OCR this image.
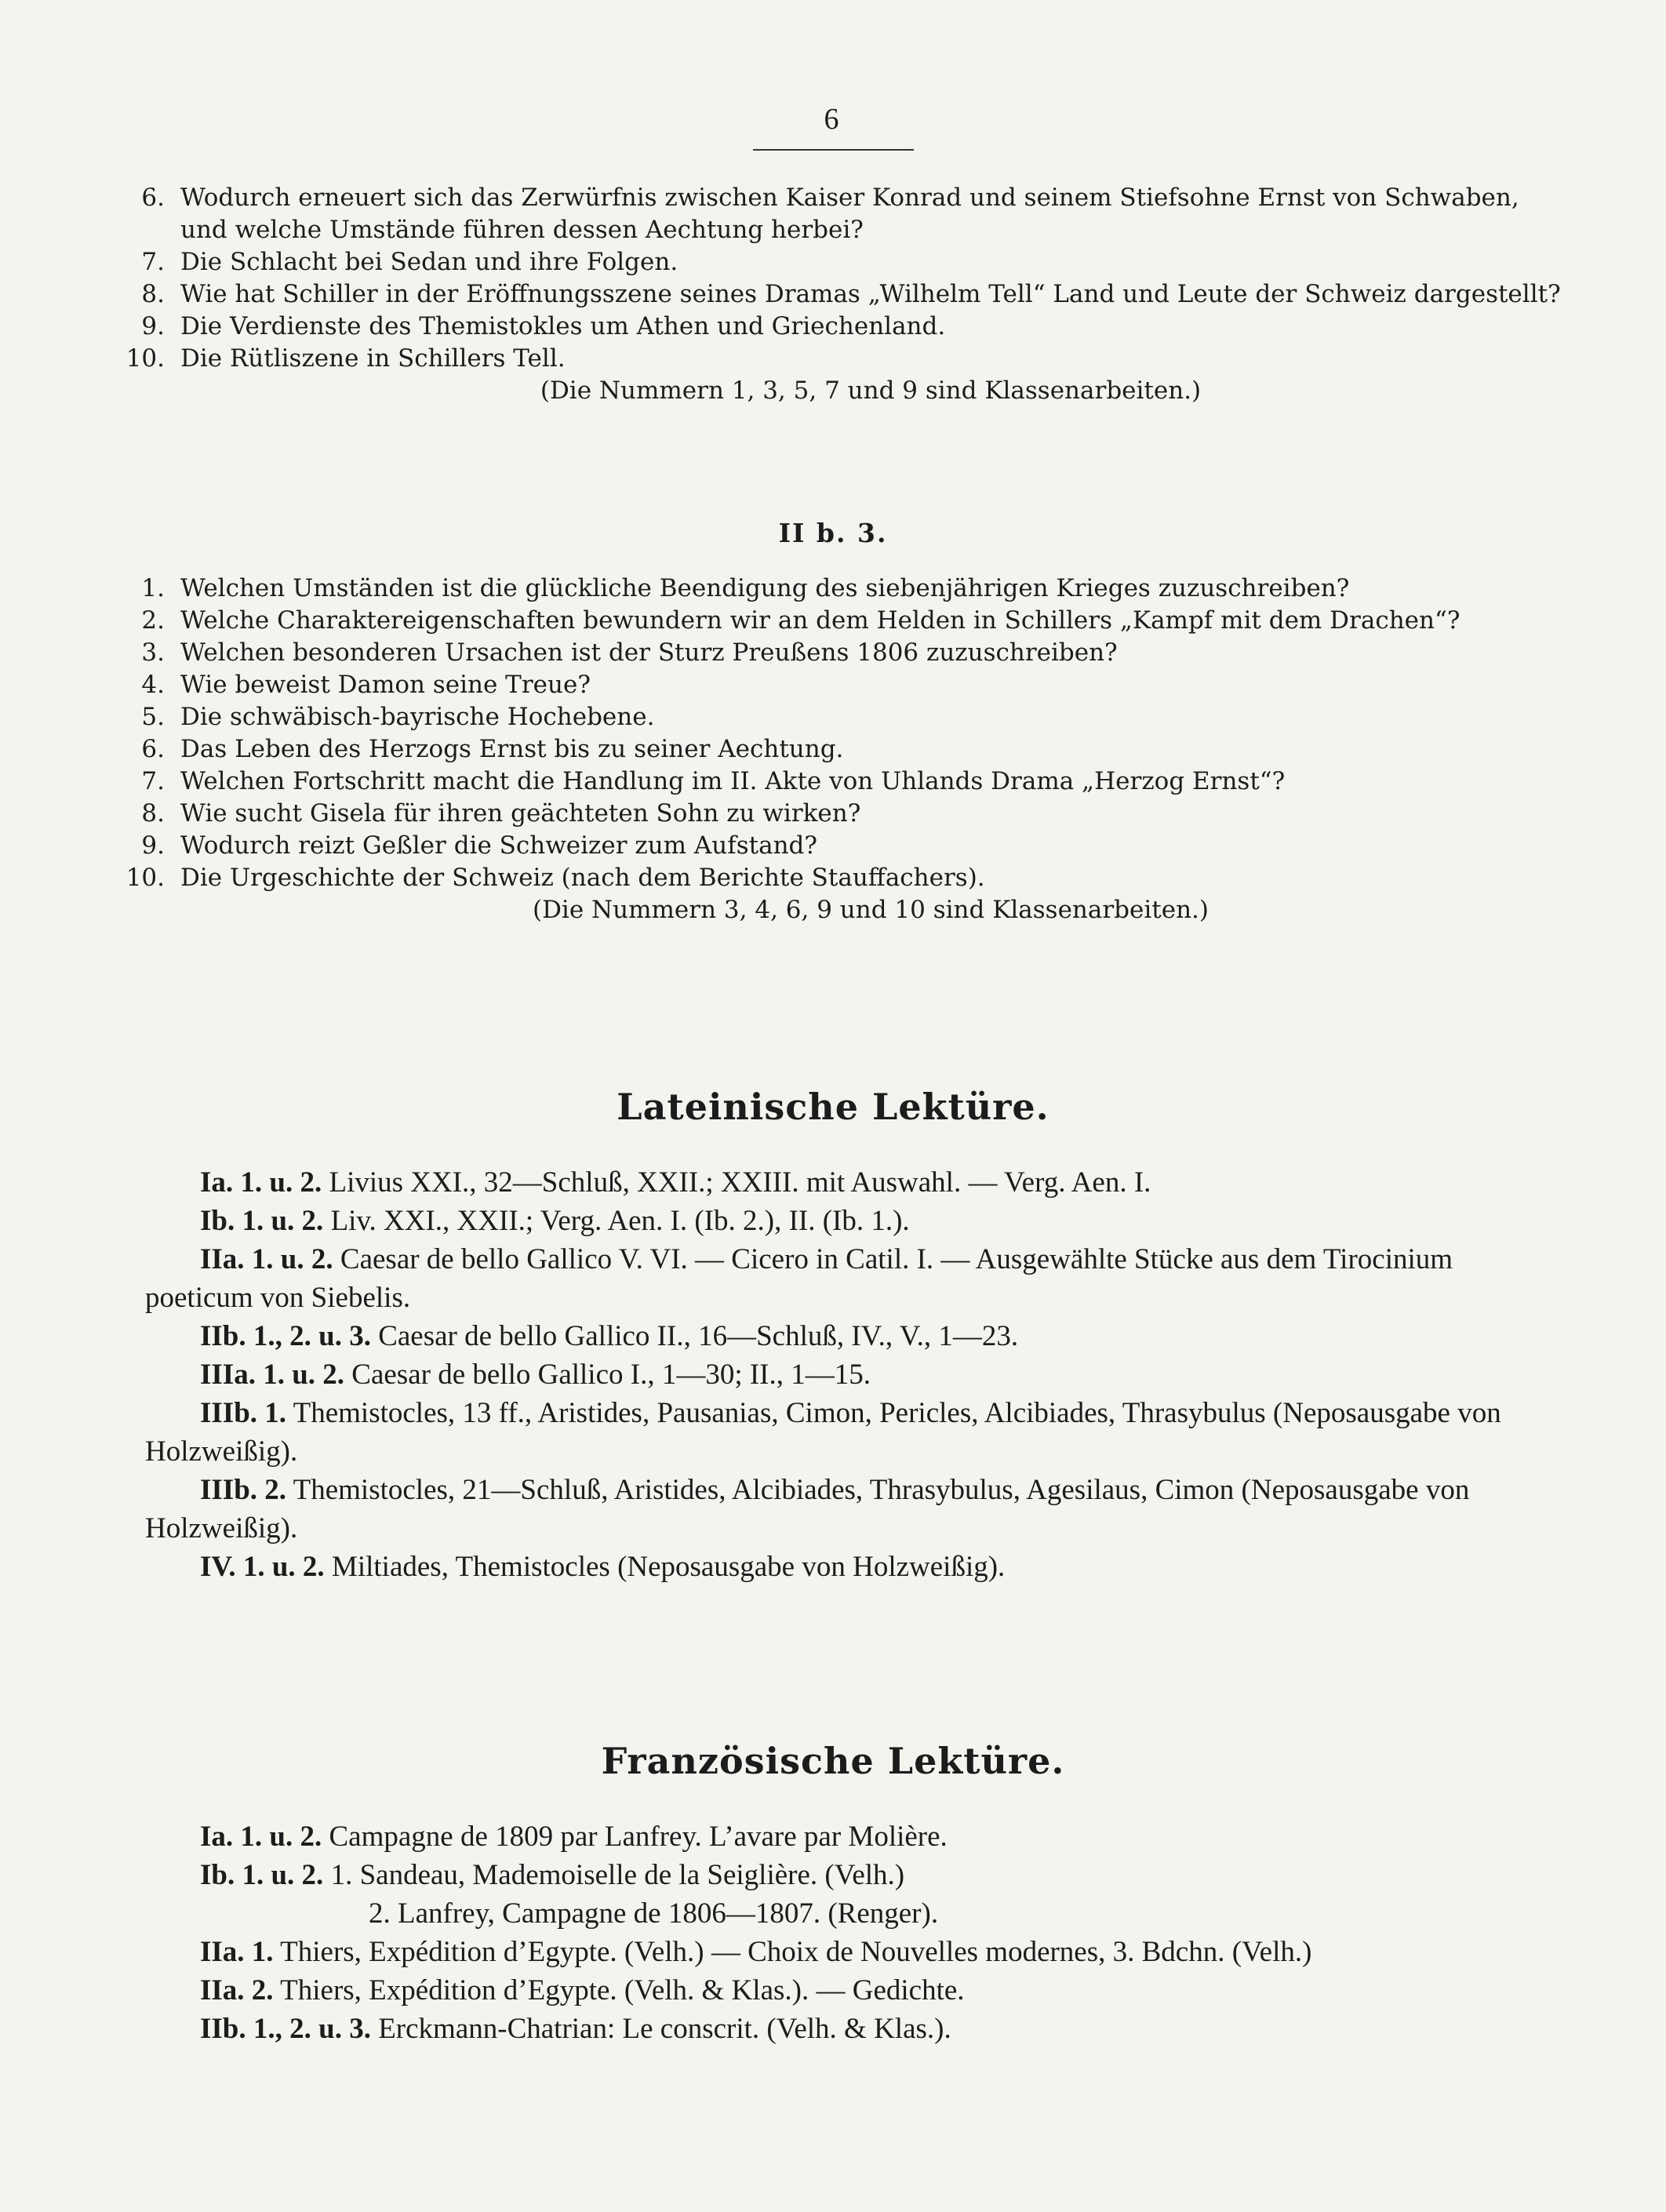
6
6. Wodurch erneuert sich das Zerwürfnis zwischen Kaiser Konrad und seinem Stiefsohne Ernst von Schwaben, und welche Umstände führen dessen Aechtung herbei?
7. Die Schlacht bei Sedan und ihre Folgen.
8. Wie hat Schiller in der Eröffnungsszene seines Dramas „Wilhelm Tell“ Land und Leute der Schweiz dargestellt?
9. Die Verdienste des Themistokles um Athen und Griechenland.
10. Die Rütliszene in Schillers Tell.
(Die Nummern 1, 3, 5, 7 und 9 sind Klassenarbeiten.)
II b. 3.
1. Welchen Umständen ist die glückliche Beendigung des siebenjährigen Krieges zuzuschreiben?
2. Welche Charaktereigenschaften bewundern wir an dem Helden in Schillers „Kampf mit dem Drachen“?
3. Welchen besonderen Ursachen ist der Sturz Preußens 1806 zuzuschreiben?
4. Wie beweist Damon seine Treue?
5. Die schwäbisch-bayrische Hochebene.
6. Das Leben des Herzogs Ernst bis zu seiner Aechtung.
7. Welchen Fortschritt macht die Handlung im II. Akte von Uhlands Drama „Herzog Ernst“?
8. Wie sucht Gisela für ihren geächteten Sohn zu wirken?
9. Wodurch reizt Geßler die Schweizer zum Aufstand?
10. Die Urgeschichte der Schweiz (nach dem Berichte Stauffachers).
(Die Nummern 3, 4, 6, 9 und 10 sind Klassenarbeiten.)
Lateinische Lektüre.
Ia. 1. u. 2. Livius XXI., 32—Schluß, XXII.; XXIII. mit Auswahl. — Verg. Aen. I.
Ib. 1. u. 2. Liv. XXI., XXII.; Verg. Aen. I. (Ib. 2.), II. (Ib. 1.).
IIa. 1. u. 2. Caesar de bello Gallico V. VI. — Cicero in Catil. I. — Ausgewählte Stücke aus dem Tirocinium poeticum von Siebelis.
IIb. 1., 2. u. 3. Caesar de bello Gallico II., 16—Schluß, IV., V., 1—23.
IIIa. 1. u. 2. Caesar de bello Gallico I., 1—30; II., 1—15.
IIIb. 1. Themistocles, 13 ff., Aristides, Pausanias, Cimon, Pericles, Alcibiades, Thrasybulus (Neposausgabe von Holzweißig).
IIIb. 2. Themistocles, 21—Schluß, Aristides, Alcibiades, Thrasybulus, Agesilaus, Cimon (Neposausgabe von Holzweißig).
IV. 1. u. 2. Miltiades, Themistocles (Neposausgabe von Holzweißig).
Französische Lektüre.
Ia. 1. u. 2. Campagne de 1809 par Lanfrey. L’avare par Molière.
Ib. 1. u. 2. 1. Sandeau, Mademoiselle de la Seiglière. (Velh.)
2. Lanfrey, Campagne de 1806—1807. (Renger).
IIa. 1. Thiers, Expédition d’Egypte. (Velh.) — Choix de Nouvelles modernes, 3. Bdchn. (Velh.)
IIa. 2. Thiers, Expédition d’Egypte. (Velh. & Klas.). — Gedichte.
IIb. 1., 2. u. 3. Erckmann-Chatrian: Le conscrit. (Velh. & Klas.).
